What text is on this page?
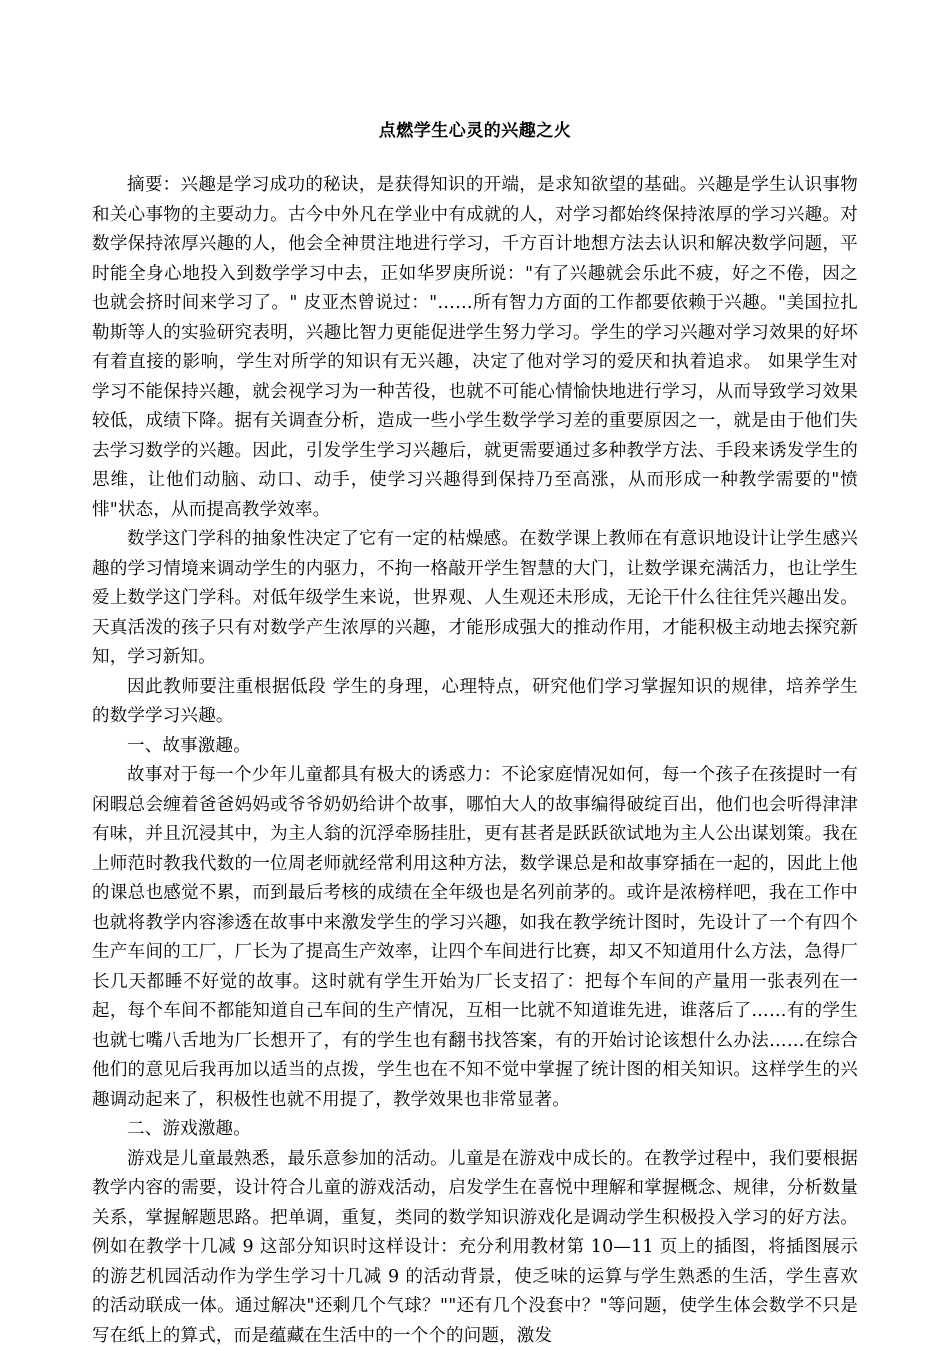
点燃学生心灵的兴趣之火

摘要：兴趣是学习成功的秘诀，是获得知识的开端，是求知欲望的基础。兴趣是学生认识事物和关心事物的主要动力。古今中外凡在学业中有成就的人，对学习都始终保持浓厚的学习兴趣。对数学保持浓厚兴趣的人，他会全神贯注地进行学习，千方百计地想方法去认识和解决数学问题，平时能全身心地投入到数学学习中去，正如华罗庚所说："有了兴趣就会乐此不疲，好之不倦，因之也就会挤时间来学习了。" 皮亚杰曾说过："……所有智力方面的工作都要依赖于兴趣。"美国拉扎勒斯等人的实验研究表明，兴趣比智力更能促进学生努力学习。学生的学习兴趣对学习效果的好坏有着直接的影响，学生对所学的知识有无兴趣，决定了他对学习的爱厌和执着追求。 如果学生对学习不能保持兴趣，就会视学习为一种苦役，也就不可能心情愉快地进行学习，从而导致学习效果较低，成绩下降。据有关调查分析，造成一些小学生数学学习差的重要原因之一，就是由于他们失去学习数学的兴趣。因此，引发学生学习兴趣后，就更需要通过多种教学方法、手段来诱发学生的思维，让他们动脑、动口、动手，使学习兴趣得到保持乃至高涨，从而形成一种教学需要的"愤悱"状态，从而提高教学效率。

数学这门学科的抽象性决定了它有一定的枯燥感。在数学课上教师在有意识地设计让学生感兴趣的学习情境来调动学生的内驱力，不拘一格敲开学生智慧的大门，让数学课充满活力，也让学生爱上数学这门学科。对低年级学生来说，世界观、人生观还未形成，无论干什么往往凭兴趣出发。天真活泼的孩子只有对数学产生浓厚的兴趣，才能形成强大的推动作用，才能积极主动地去探究新知，学习新知。

因此教师要注重根据低段 学生的身理，心理特点，研究他们学习掌握知识的规律，培养学生的数学学习兴趣。

一、故事激趣。

故事对于每一个少年儿童都具有极大的诱惑力：不论家庭情况如何，每一个孩子在孩提时一有闲暇总会缠着爸爸妈妈或爷爷奶奶给讲个故事，哪怕大人的故事编得破绽百出，他们也会听得津津有味，并且沉浸其中，为主人翁的沉浮牵肠挂肚，更有甚者是跃跃欲试地为主人公出谋划策。我在上师范时教我代数的一位周老师就经常利用这种方法，数学课总是和故事穿插在一起的，因此上他的课总也感觉不累，而到最后考核的成绩在全年级也是名列前茅的。或许是浓榜样吧，我在工作中也就将教学内容渗透在故事中来激发学生的学习兴趣，如我在教学统计图时，先设计了一个有四个生产车间的工厂，厂长为了提高生产效率，让四个车间进行比赛，却又不知道用什么方法，急得厂长几天都睡不好觉的故事。这时就有学生开始为厂长支招了：把每个车间的产量用一张表列在一起，每个车间不都能知道自己车间的生产情况，互相一比就不知道谁先进，谁落后了……有的学生也就七嘴八舌地为厂长想开了，有的学生也有翻书找答案，有的开始讨论该想什么办法……在综合他们的意见后我再加以适当的点拨，学生也在不知不觉中掌握了统计图的相关知识。这样学生的兴趣调动起来了，积极性也就不用提了，教学效果也非常显著。

二、游戏激趣。

游戏是儿童最熟悉，最乐意参加的活动。儿童是在游戏中成长的。在教学过程中，我们要根据教学内容的需要，设计符合儿童的游戏活动，启发学生在喜悦中理解和掌握概念、规律，分析数量关系，掌握解题思路。把单调，重复，类同的数学知识游戏化是调动学生积极投入学习的好方法。例如在教学十几减 9 这部分知识时这样设计：充分利用教材第 10—11 页上的插图，将插图展示的游艺机园活动作为学生学习十几减 9 的活动背景，使乏味的运算与学生熟悉的生活，学生喜欢的活动联成一体。通过解决"还剩几个气球？""还有几个没套中？"等问题，使学生体会数学不只是写在纸上的算式，而是蕴藏在生活中的一个个的问题，激发
